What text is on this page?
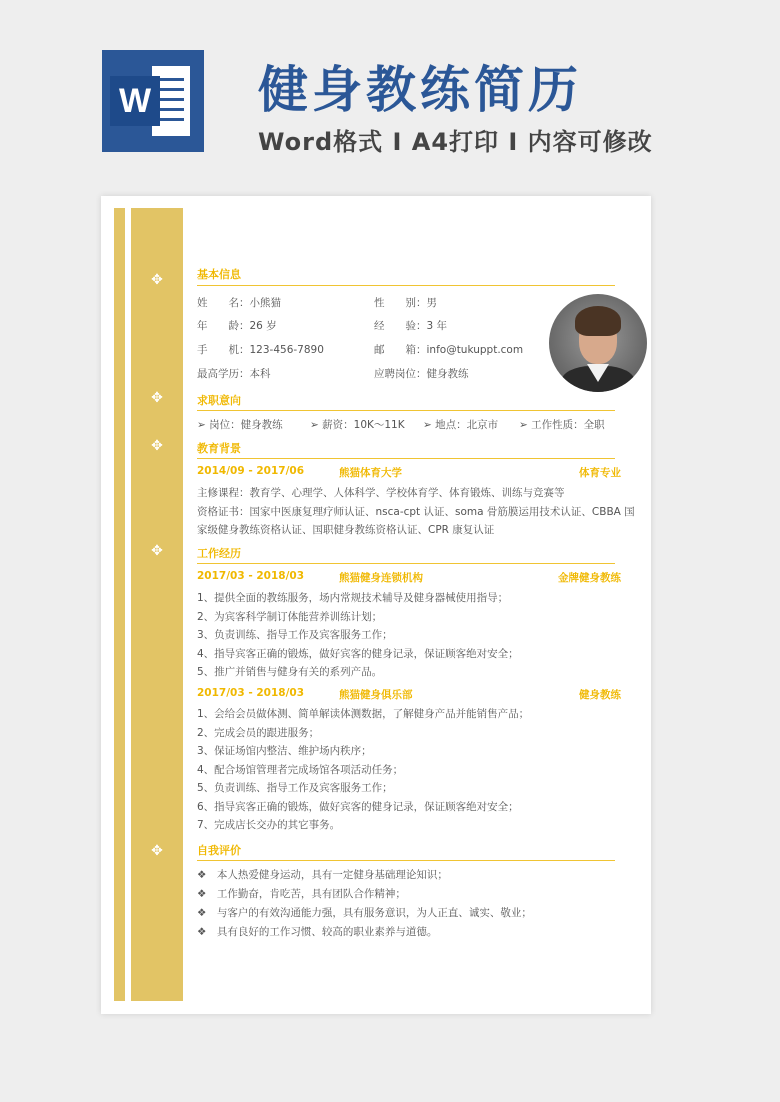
W 健身教练简历
Word格式 I A4打印 I 内容可修改
✥
✥
✥
✥
✥
基本信息
姓　　名：小熊猫	性　　别：男
年　　龄：26 岁	经　　验：3 年
手　　机：123-456-7890	邮　　箱：info@tukuppt.com
最高学历：本科	应聘岗位：健身教练
求职意向
➢ 岗位：健身教练	➢ 薪资：10K～11K ➢ 地点：北京市 ➢ 工作性质：全职
教育背景
2014/09 - 2017/06	熊猫体育大学	体育专业
主修课程：教育学、心理学、人体科学、学校体育学、体育锻炼、训练与竞赛等
资格证书：国家中医康复理疗师认证、nsca-cpt 认证、soma 骨筋膜运用技术认证、CBBA 国
家级健身教练资格认证、国职健身教练资格认证、CPR 康复认证
工作经历
2017/03 - 2018/03	熊猫健身连锁机构	金牌健身教练
1、提供全面的教练服务，场内常规技术辅导及健身器械使用指导；
2、为宾客科学制订体能营养训练计划；
3、负责训练、指导工作及宾客服务工作；
4、指导宾客正确的锻炼，做好宾客的健身记录，保证顾客绝对安全；
5、推广并销售与健身有关的系列产品。
2017/03 - 2018/03	熊猫健身俱乐部	健身教练
1、会给会员做体测、简单解读体测数据，了解健身产品并能销售产品；
2、完成会员的跟进服务；
3、保证场馆内整洁、维护场内秩序；
4、配合场馆管理者完成场馆各项活动任务；
5、负责训练、指导工作及宾客服务工作；
6、指导宾客正确的锻炼，做好宾客的健身记录，保证顾客绝对安全；
7、完成店长交办的其它事务。
自我评价
❖　本人热爱健身运动，具有一定健身基础理论知识；
❖　工作勤奋，肯吃苦，具有团队合作精神；
❖　与客户的有效沟通能力强，具有服务意识，为人正直、诚实、敬业；
❖　具有良好的工作习惯、较高的职业素养与道德。
